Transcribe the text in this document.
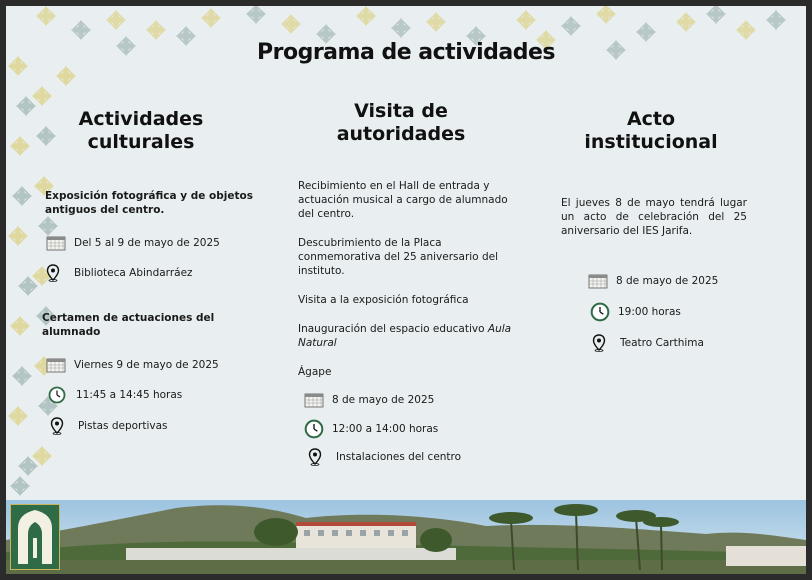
Programa de actividades
Actividades
culturales
Exposición fotográfica y de objetos antiguos del centro.
Del 5 al 9 de mayo de 2025
Biblioteca Abindarráez
Certamen de actuaciones del alumnado
Viernes 9 de mayo de 2025
11:45 a 14:45 horas
Pistas deportivas
Visita de
autoridades
Recibimiento en el Hall de entrada y actuación musical a cargo de alumnado del centro.
Descubrimiento de la Placa conmemorativa del 25 aniversario del instituto.
Visita a la exposición fotográfica
Inauguración del espacio educativo Aula Natural
Ágape
8 de mayo de 2025
12:00 a 14:00 horas
Instalaciones del centro
Acto
institucional
El jueves 8 de mayo tendrá lugar un acto de celebración del 25 aniversario del IES Jarifa.
8 de mayo de 2025
19:00 horas
Teatro Carthima
